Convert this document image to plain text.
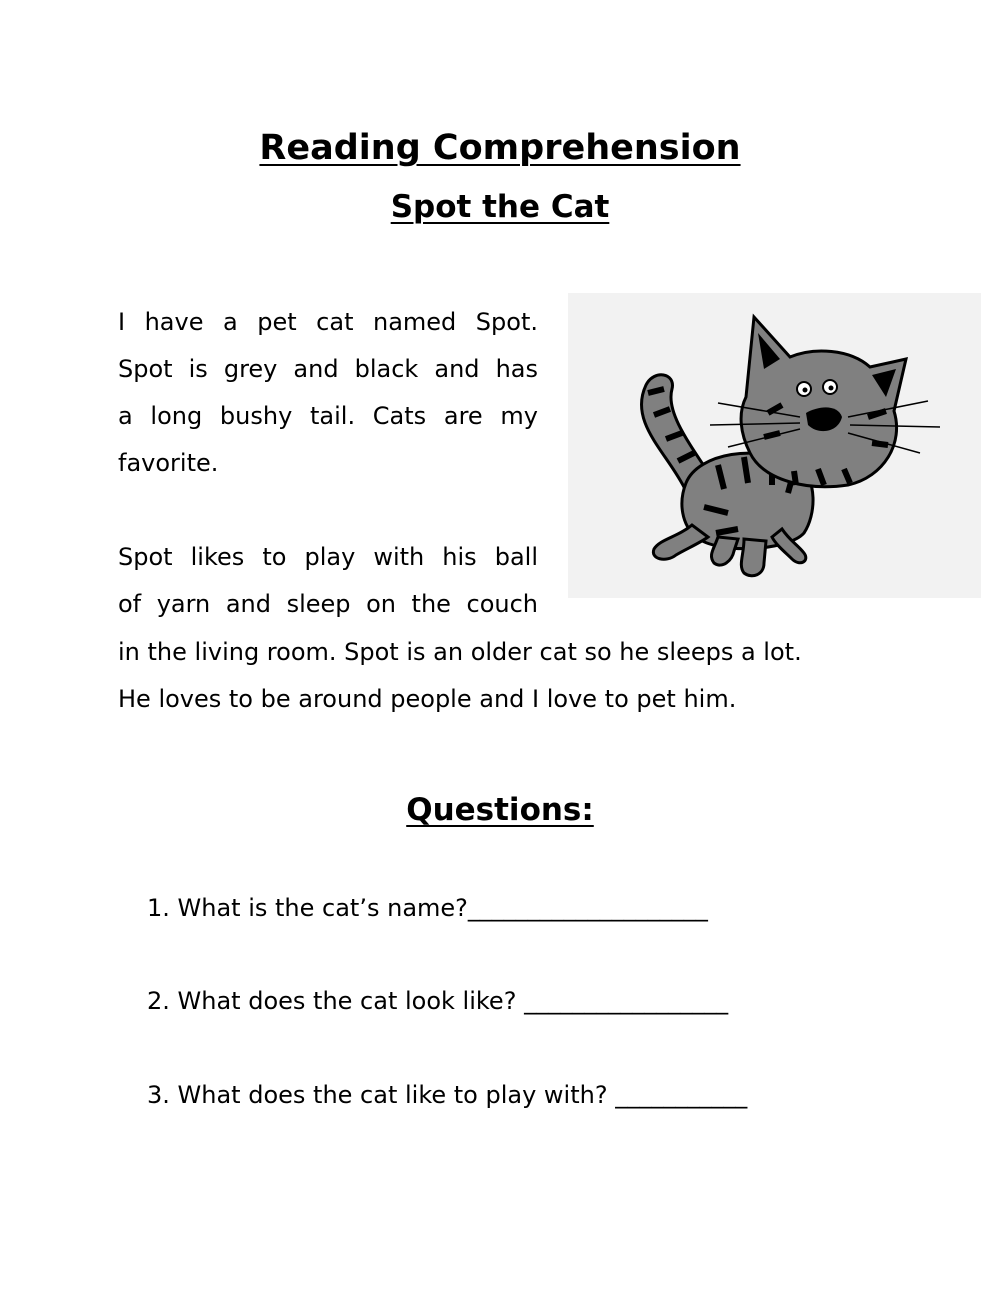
Reading Comprehension
Spot the Cat
I have a pet cat named Spot.
Spot is grey and black and has
a long bushy tail. Cats are my
favorite.
Spot likes to play with his ball
of yarn and sleep on the couch
in the living room. Spot is an older cat so he sleeps a lot.
He loves to be around people and I love to pet him.
Questions:
1. What is the cat’s name?____________________
2. What does the cat look like? _________________
3. What does the cat like to play with? ___________
